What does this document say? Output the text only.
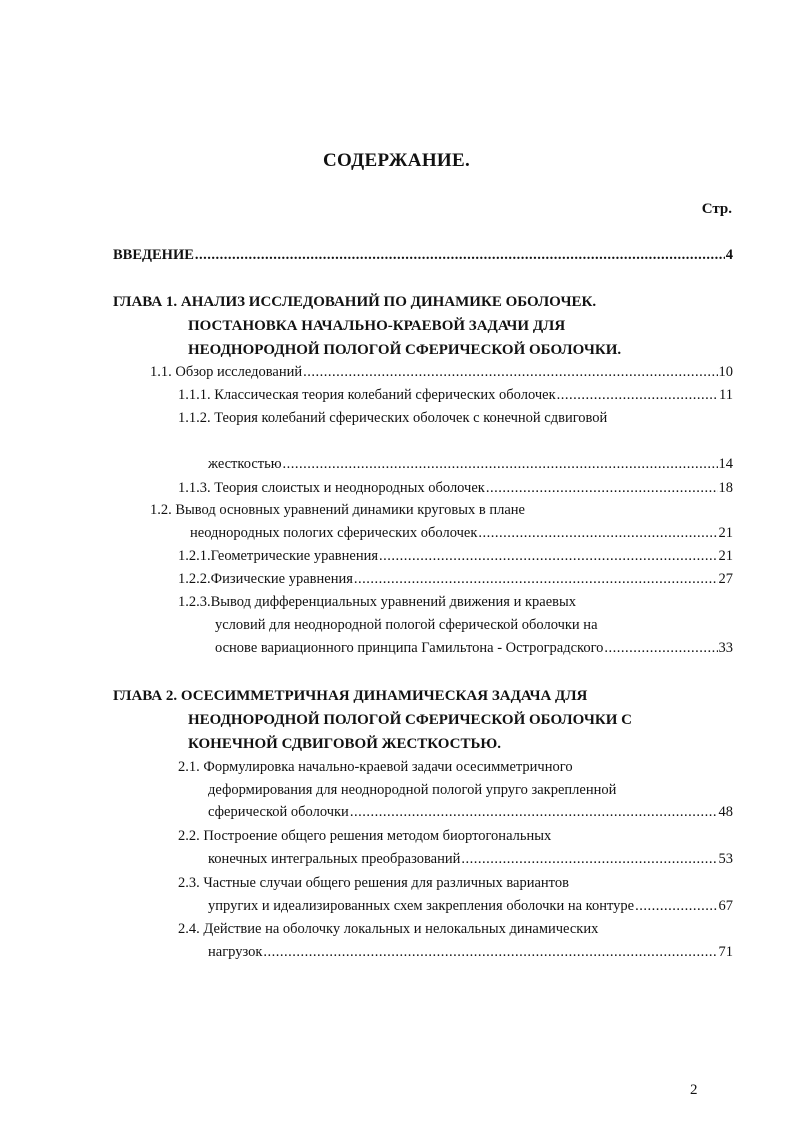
СОДЕРЖАНИЕ.
Стр.
ВВЕДЕНИЕ .....	4
ГЛАВА 1. АНАЛИЗ ИССЛЕДОВАНИЙ ПО ДИНАМИКЕ ОБОЛОЧЕК.
ПОСТАНОВКА НАЧАЛЬНО-КРАЕВОЙ ЗАДАЧИ ДЛЯ
НЕОДНОРОДНОЙ ПОЛОГОЙ СФЕРИЧЕСКОЙ ОБОЛОЧКИ.
1.1. Обзор исследований .....	10
1.1.1. Классическая теория колебаний сферических оболочек .....	11
1.1.2. Теория колебаний сферических оболочек с конечной сдвиговой
жесткостью .....	14
1.1.3. Теория слоистых и неоднородных оболочек .....	18
1.2. Вывод основных уравнений динамики круговых в плане
неоднородных пологих сферических оболочек .....	21
1.2.1.Геометрические уравнения .....	21
1.2.2.Физические уравнения .....	27
1.2.3.Вывод дифференциальных уравнений движения и краевых
условий для неоднородной пологой сферической оболочки на
основе вариационного принципа Гамильтона - Остроградского .....	33
ГЛАВА 2. ОСЕСИММЕТРИЧНАЯ ДИНАМИЧЕСКАЯ ЗАДАЧА ДЛЯ
НЕОДНОРОДНОЙ ПОЛОГОЙ СФЕРИЧЕСКОЙ ОБОЛОЧКИ С
КОНЕЧНОЙ СДВИГОВОЙ ЖЕСТКОСТЬЮ.
2.1. Формулировка начально-краевой задачи осесимметричного
деформирования для неоднородной пологой упруго закрепленной
сферической оболочки .....	48
2.2. Построение общего решения методом биортогональных
конечных интегральных преобразований .....	53
2.3. Частные случаи общего решения для различных вариантов
упругих и идеализированных схем закрепления оболочки на контуре .....	67
2.4. Действие на оболочку локальных и нелокальных динамических
нагрузок .....	71
2
